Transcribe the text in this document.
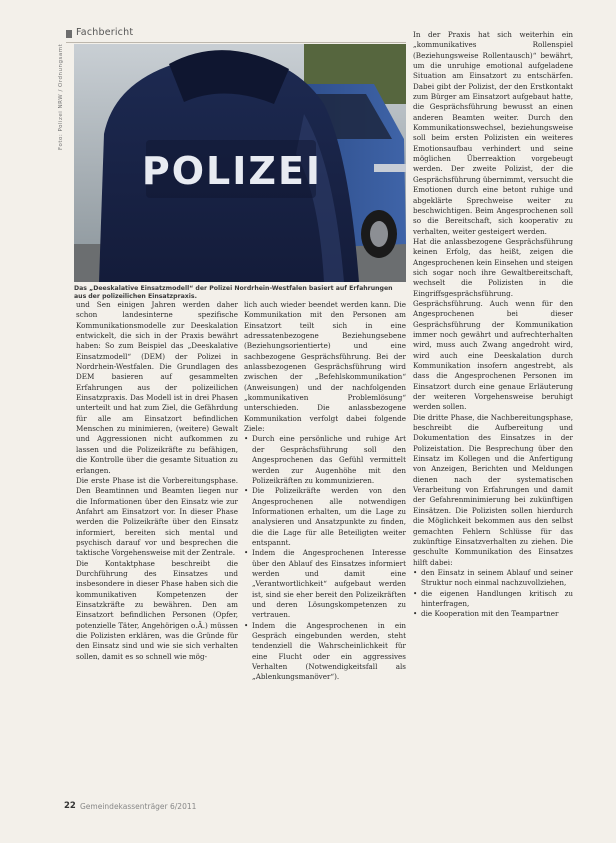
Fachbericht
Foto: Polizei NRW / Ordnungsamt
POLIZEI
Das „Deeskalative Einsatzmodell“ der Polizei Nordrhein-Westfalen basiert auf Erfahrungen aus der polizeilichen Einsatzpraxis.

und Sen einigen Jahren werden daher schon landesinterne spezifische Kommunikationsmodelle zur Deeskalation entwickelt, die sich in der Praxis bewährt haben: So zum Beispiel das „Deeskalative Einsatzmodell“ (DEM) der Polizei in Nordrhein-Westfalen. Die Grundlagen des DEM basieren auf gesammelten Erfahrungen aus der polizeilichen Einsatzpraxis. Das Modell ist in drei Phasen unterteilt und hat zum Ziel, die Gefährdung für alle am Einsatzort befindlichen Menschen zu minimieren, (weitere) Gewalt und Aggressionen nicht aufkommen zu lassen und die Polizeikräfte zu befähigen, die Kontrolle über die gesamte Situation zu erlangen.

Die erste Phase ist die Vorbereitungsphase. Den Beamtinnen und Beamten liegen nur die Informationen über den Einsatz wie zur Anfahrt am Einsatzort vor. In dieser Phase werden die Polizeikräfte über den Einsatz informiert, bereiten sich mental und psychisch darauf vor und besprechen die taktische Vorgehensweise mit der Zentrale.

Die Kontaktphase beschreibt die Durchführung des Einsatzes und insbesondere in dieser Phase haben sich die kommunikativen Kompetenzen der Einsatzkräfte zu bewähren. Den am Einsatzort befindlichen Personen (Opfer, potenzielle Täter, Angehörigen o.Ä.) müssen die Polizisten erklären, was die Gründe für den Einsatz sind und wie sie sich verhalten sollen, damit es so schnell wie mög-

lich auch wieder beendet werden kann. Die Kommunikation mit den Personen am Einsatzort teilt sich in eine adressatenbezogene Beziehungsebene (Beziehungsorientierte) und eine sachbezogene Gesprächsführung. Bei der anlassbezogenen Gesprächsführung wird zwischen der „Befehlskommunikation“ (Anweisungen) und der nachfolgenden „kommunikativen Problemlösung“ unterschieden. Die anlassbezogene Kommunikation verfolgt dabei folgende Ziele:

• Durch eine persönliche und ruhige Art der Gesprächsführung soll den Angesprochenen das Gefühl vermittelt werden zur Augenhöhe mit den Polizeikräften zu kommunizieren.
• Die Polizeikräfte werden von den Angesprochenen alle notwendigen Informationen erhalten, um die Lage zu analysieren und Ansatzpunkte zu finden, die die Lage für alle Beteiligten weiter entspannt.
• Indem die Angesprochenen Interesse über den Ablauf des Einsatzes informiert werden und damit eine „Verantwortlichkeit“ aufgebaut werden ist, sind sie eher bereit den Polizeikräften und deren Lösungskompetenzen zu vertrauen.
• Indem die Angesprochenen in ein Gespräch eingebunden werden, steht tendenziell die Wahrscheinlichkeit für eine Flucht oder ein aggressives Verhalten (Notwendigkeitsfall als „Ablenkungsmanöver“).

In der Praxis hat sich weiterhin ein „kommunikatives Rollenspiel (Beziehungsweise Rollentausch)“ bewährt, um die unruhige emotional aufgeladene Situation am Einsatzort zu entschärfen. Dabei gibt der Polizist, der den Erstkontakt zum Bürger am Einsatzort aufgebaut hatte, die Gesprächsführung bewusst an einen anderen Beamten weiter. Durch den Kommunikationswechsel, beziehungsweise soll beim ersten Polizisten ein weiteres Emotionsaufbau verhindert und seine möglichen Überreaktion vorgebeugt werden. Der zweite Polizist, der die Gesprächsführung übernimmt, versucht die Emotionen durch eine betont ruhige und abgeklärte Sprechweise weiter zu beschwichtigen. Beim Angesprochenen soll so die Bereitschaft, sich kooperativ zu verhalten, weiter gesteigert werden.

Hat die anlassbezogene Gesprächsführung keinen Erfolg, das heißt, zeigen die Angesprochenen kein Einsehen und steigen sich sogar noch ihre Gewaltbereitschaft, wechselt die Polizisten in die Eingriffsgesprächsführung. Gesprächsführung. Auch wenn für den Angesprochenen bei dieser Gesprächsführung der Kommunikation immer noch gewährt und aufrechterhalten wird, muss auch Zwang angedroht wird, wird auch eine Deeskalation durch Kommunikation insofern angestrebt, als dass die Angesprochenen Personen im Einsatzort durch eine genaue Erläuterung der weiteren Vorgehensweise beruhigt werden sollen.

Die dritte Phase, die Nachbereitungsphase, beschreibt die Aufbereitung und Dokumentation des Einsatzes in der Polizeistation. Die Besprechung über den Einsatz im Kollegen und die Anfertigung von Anzeigen, Berichten und Meldungen dienen nach der systematischen Verarbeitung von Erfahrungen und damit der Gefahrenminimierung bei zukünftigen Einsätzen. Die Polizisten sollen hierdurch die Möglichkeit bekommen aus den selbst gemachten Fehlern Schlüsse für das zukünftige Einsatzverhalten zu ziehen. Die geschulte Kommunikation des Einsatzes hilft dabei:

• den Einsatz in seinem Ablauf und seiner Struktur noch einmal nachzuvollziehen,
• die eigenen Handlungen kritisch zu hinterfragen,
• die Kooperation mit den Teampartner
22 Gemeindekassenträger 6/2011
